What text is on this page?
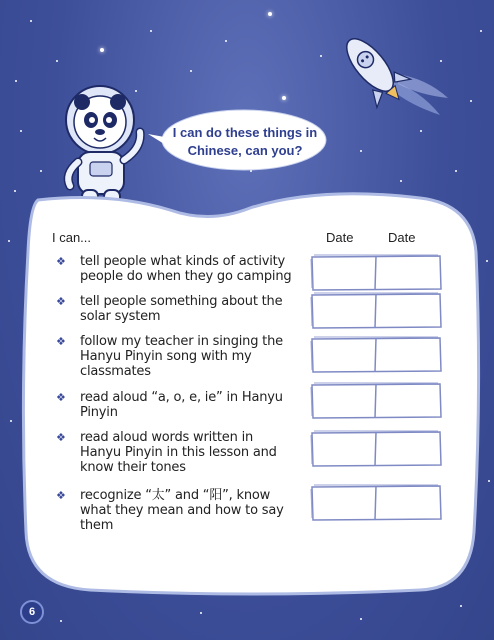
I can do these things in Chinese, can you?
I can...	Date	Date
❖ tell people what kinds of activity people do when they go camping
❖ tell people something about the solar system
❖ follow my teacher in singing the Hanyu Pinyin song with my classmates
❖ read aloud “a, o, e, ie” in Hanyu Pinyin
❖ read aloud words written in Hanyu Pinyin in this lesson and know their tones
❖ recognize “太” and “阳”, know what they mean and how to say them
6
